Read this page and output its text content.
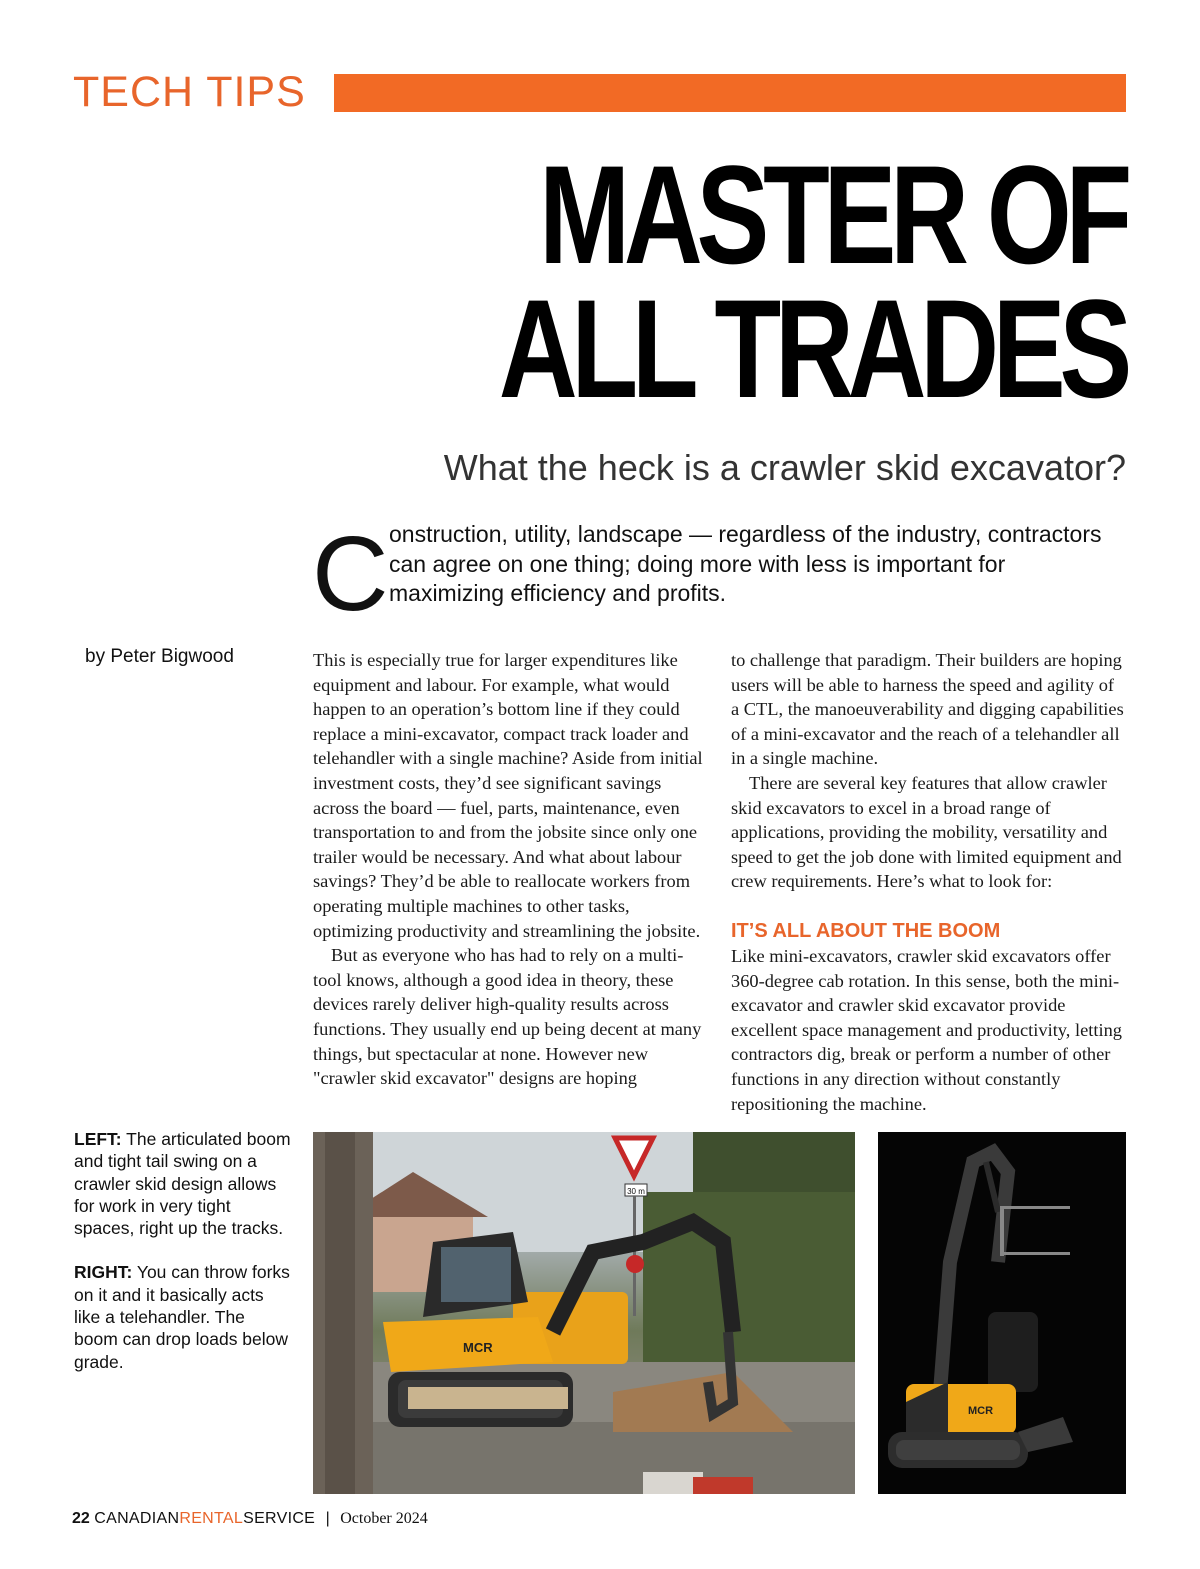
TECH TIPS
MASTER OF
ALL TRADES
What the heck is a crawler skid excavator?
C onstruction, utility, landscape — regardless of the industry, contractors can agree on one thing; doing more with less is important for maximizing efficiency and profits.

by Peter Bigwood	This is especially true for larger expenditures like equipment and labour. For example, what would happen to an operation’s bottom line if they could replace a mini-excavator, compact track loader and telehandler with a single machine? Aside from initial investment costs, they’d see significant savings across the board — fuel, parts, maintenance, even transportation to and from the jobsite since only one trailer would be necessary. And what about labour savings? They’d be able to reallocate workers from operating multiple machines to other tasks, optimizing productivity and streamlining the jobsite.

But as everyone who has had to rely on a multi-tool knows, although a good idea in theory, these devices rarely deliver high-quality results across functions. They usually end up being decent at many things, but spectacular at none. However new "crawler skid excavator" designs are hoping

to challenge that paradigm. Their builders are hoping users will be able to harness the speed and agility of a CTL, the manoeuverability and digging capabilities of a mini-excavator and the reach of a telehandler all in a single machine.

There are several key features that allow crawler skid excavators to excel in a broad range of applications, providing the mobility, versatility and speed to get the job done with limited equipment and crew requirements. Here’s what to look for:

IT’S ALL ABOUT THE BOOM

Like mini-excavators, crawler skid excavators offer 360-degree cab rotation. In this sense, both the mini-excavator and crawler skid excavator provide excellent space management and productivity, letting contractors dig, break or perform a number of other functions in any direction without constantly repositioning the machine.

LEFT: The articulated boom and tight tail swing on a crawler skid design allows for work in very tight spaces, right up the tracks.

RIGHT: You can throw forks on it and it basically acts like a telehandler. The boom can drop loads below grade.

30 m
MCR
MCR
22 CANADIANRENTALSERVICE | October 2024
